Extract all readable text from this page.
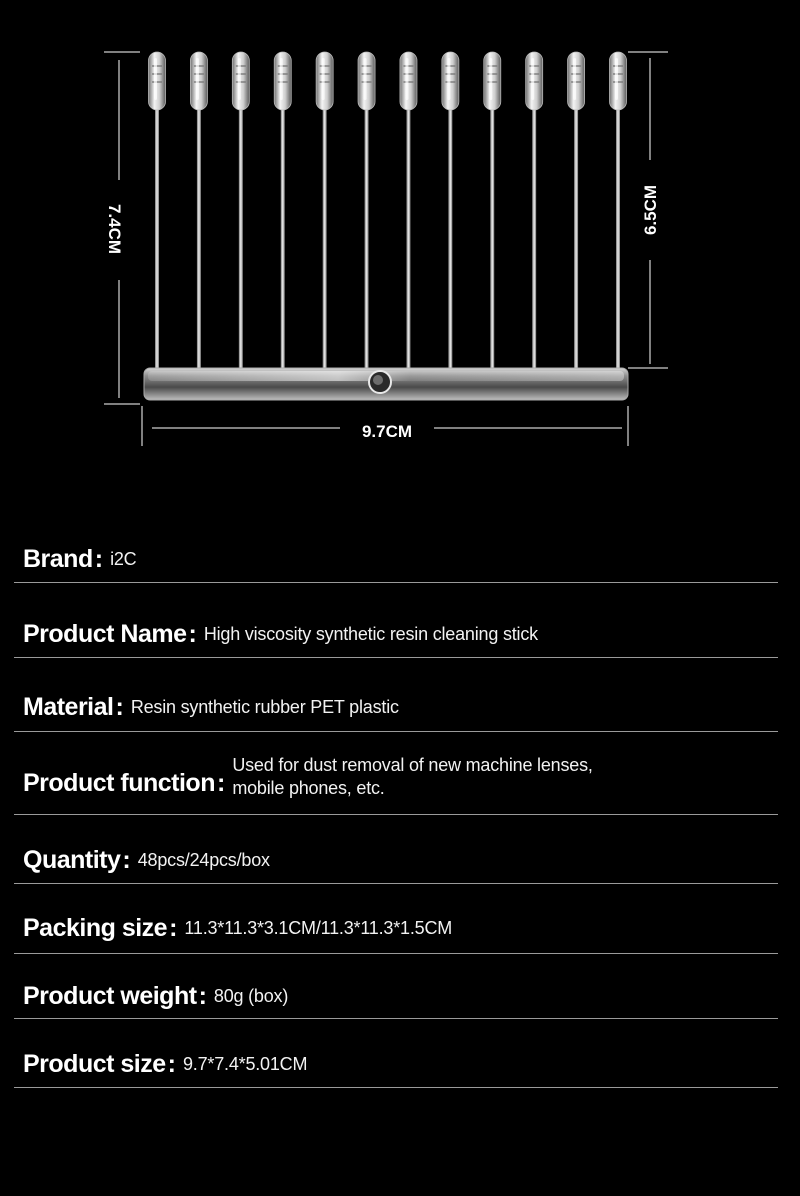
7.4CM	6.5CM
9.7CM
Brand : i2C
Product Name : High viscosity synthetic resin cleaning stick
Material : Resin synthetic rubber PET plastic
Product function :
Used for dust removal of new machine lenses,
mobile phones, etc.
Quantity : 48pcs/24pcs/box
Packing size : 11.3*11.3*3.1CM/11.3*11.3*1.5CM
Product weight : 80g (box)
Product size : 9.7*7.4*5.01CM
